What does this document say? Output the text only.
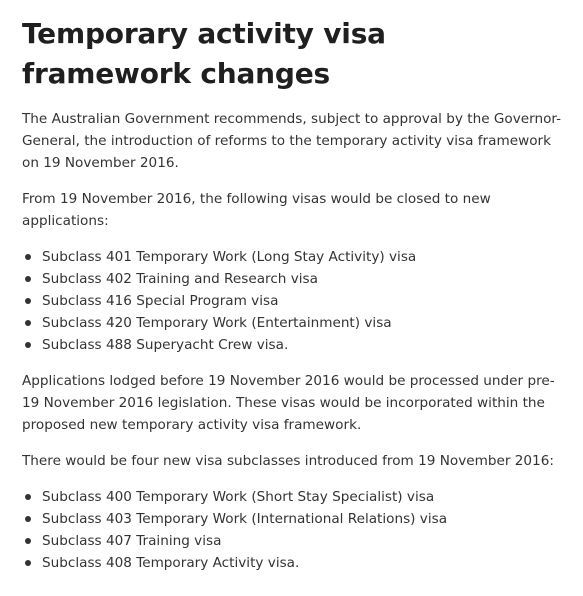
Temporary activity visa framework changes

The Australian Government recommends, subject to approval by the Governor-General, the introduction of reforms to the temporary activity visa framework on 19 November 2016.

From 19 November 2016, the following visas would be closed to new applications:

Subclass 401 Temporary Work (Long Stay Activity) visa
Subclass 402 Training and Research visa
Subclass 416 Special Program visa
Subclass 420 Temporary Work (Entertainment) visa
Subclass 488 Superyacht Crew visa.

Applications lodged before 19 November 2016 would be processed under pre-19 November 2016 legislation. These visas would be incorporated within the proposed new temporary activity visa framework.

There would be four new visa subclasses introduced from 19 November 2016:

Subclass 400 Temporary Work (Short Stay Specialist) visa
Subclass 403 Temporary Work (International Relations) visa
Subclass 407 Training visa
Subclass 408 Temporary Activity visa.
